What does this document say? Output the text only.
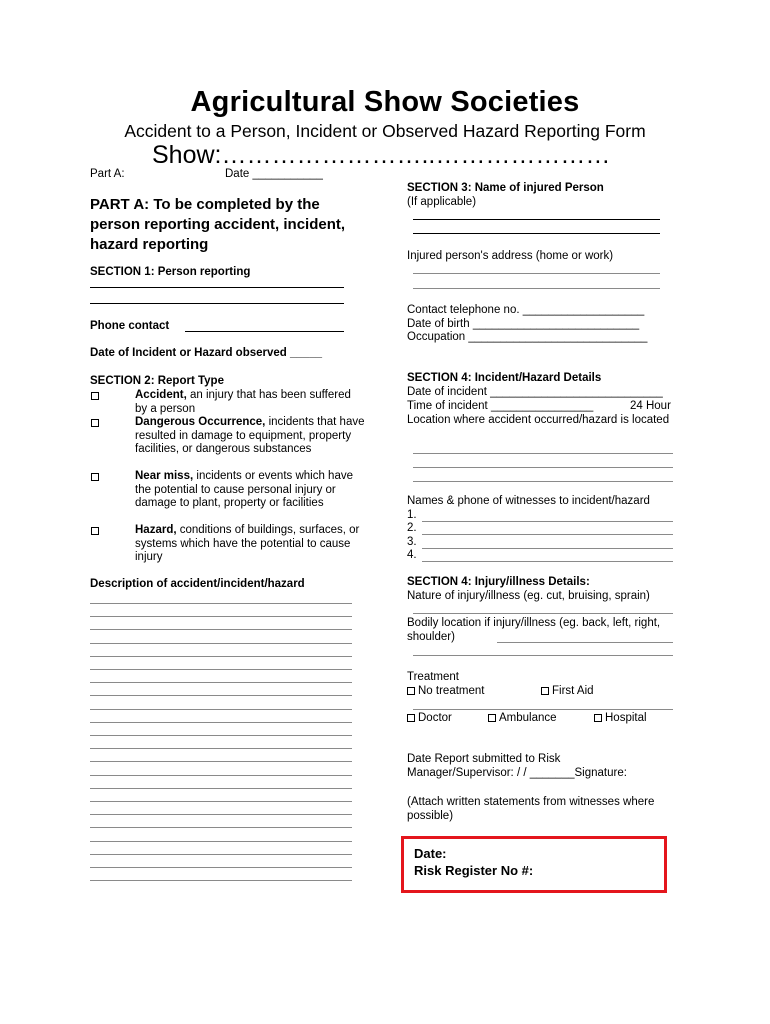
Agricultural Show Societies
Accident to a Person, Incident or Observed Hazard Reporting Form
Show:……………………..…………………
Part A:	Date ___________
PART A: To be completed by the person reporting accident, incident, hazard reporting
SECTION 1: Person reporting
Phone contact
Date of Incident or Hazard observed _____
SECTION 2: Report Type
Accident, an injury that has been suffered by a person
Dangerous Occurrence, incidents that have resulted in damage to equipment, property facilities, or dangerous substances
Near miss, incidents or events which have the potential to cause personal injury or damage to plant, property or facilities
Hazard, conditions of buildings, surfaces, or systems which have the potential to cause injury
Description of accident/incident/hazard
SECTION 3: Name of injured Person
(If applicable)
Injured person's address (home or work)
Contact telephone no. ___________________
Date of birth __________________________
Occupation ____________________________
SECTION 4: Incident/Hazard Details
Date of incident ___________________________
Time of incident ________________	24 Hour
Location where accident occurred/hazard is located
Names & phone of witnesses to incident/hazard
1.
2.
3.
4.
SECTION 4: Injury/illness Details:
Nature of injury/illness (eg. cut, bruising, sprain)
Bodily location if injury/illness (eg. back, left, right, shoulder)
Treatment
No treatment	First Aid
Doctor	Ambulance	Hospital
Date Report submitted to Risk
Manager/Supervisor: / / _______Signature:
(Attach written statements from witnesses where possible)
Date:
Risk Register No #:
